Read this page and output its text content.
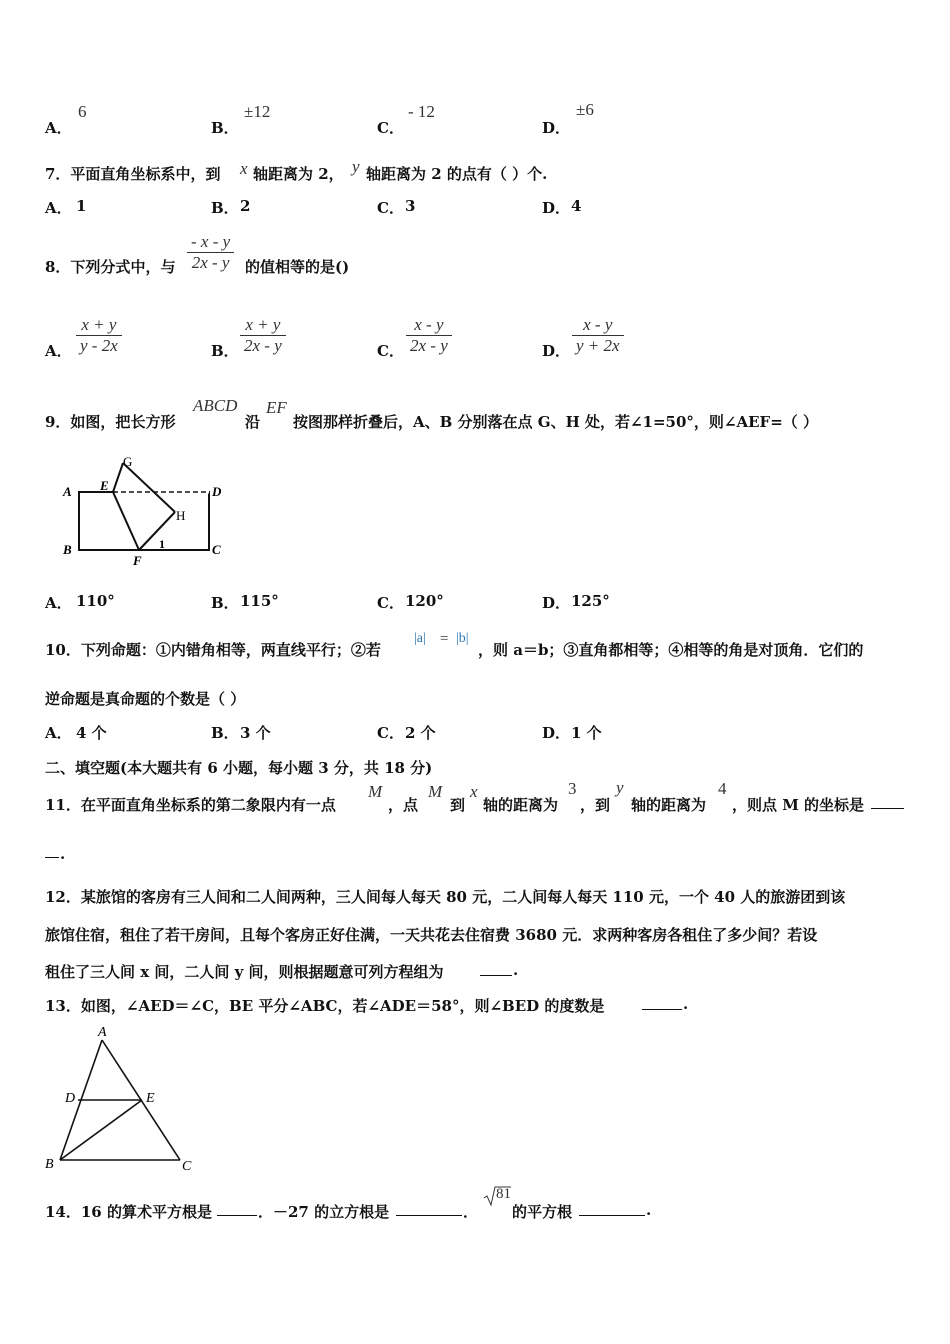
A．
6
B．
±12
C．
- 12
D．
±6
7．平面直角坐标系中，到 x 轴距离为 2， y 轴距离为 2 的点有（ ）个.
A． 1	B． 2	C． 3	D． 4
8．下列分式中，与 $\frac{- x - y}{2x - y}$ 的值相等的是()
A． $\frac{x + y}{y - 2x}$	B． $\frac{x + y}{2x - y}$	C． $\frac{x - y}{2x - y}$	D． $\frac{x - y}{y + 2x}$
9．如图，把长方形
ABCD
沿
EF
按图那样折叠后，A、B 分别落在点 G、H 处，若∠1=50°，则∠AEF=（ ）
A E
G
D
H
B
F
1	C
A． 110°	B． 115°	C． 120°	D． 125°
10．下列命题：①内错角相等，两直线平行；②若
|a| = |b|
，则 a＝b；③直角都相等；④相等的角是对顶角．它们的
逆命题是真命题的个数是（ ）
A． 4 个	B． 3 个	C． 2 个	D． 1 个
二、填空题(本大题共有 6 小题，每小题 3 分，共 18 分)
11．在平面直角坐标系的第二象限内有一点
M
，点
M
到
x
轴的距离为
3
，到
y
轴的距离为
4
，则点 M 的坐标是
.
12．某旅馆的客房有三人间和二人间两种，三人间每人每天 80 元，二人间每人每天 110 元，一个 40 人的旅游团到该
旅馆住宿，租住了若干房间，且每个客房正好住满，一天共花去住宿费 3680 元．求两种客房各租住了多少间？若设
租住了三人间 x 间，二人间 y 间，则根据题意可列方程组为	.
13．如图，∠AED＝∠C，BE 平分∠ABC，若∠ADE＝58°，则∠BED 的度数是	.
A
D	E
B	C
14．16 的算术平方根是	．－27 的立方根是	．
81
的平方根	.
